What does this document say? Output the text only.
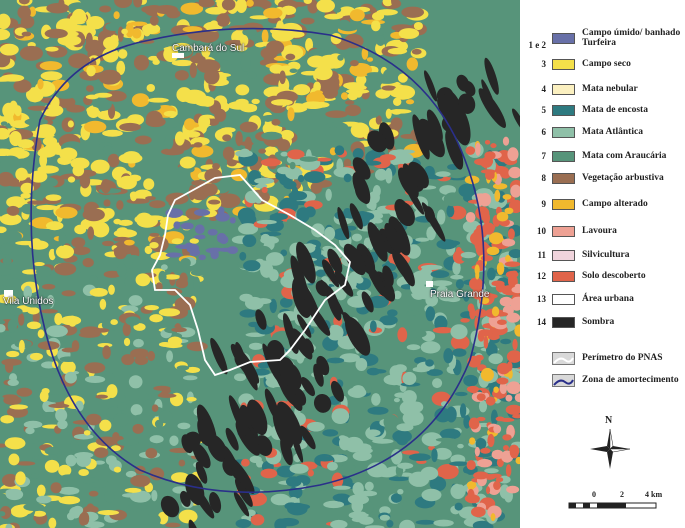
Cambará do Sul
Vila Unidos
Praia Grande
1 e 2
Campo úmido/ banhado
Turfeira
3	Campo seco
4	Mata nebular
5	Mata de encosta
6	Mata Atlântica
7	Mata com Araucária
8	Vegetação arbustiva
9	Campo alterado
10	Lavoura
11	Silvicultura
12	Solo descoberto
13	Área urbana
14	Sombra
Perímetro do PNAS
Zona de amortecimento
N
0	2	4 km
